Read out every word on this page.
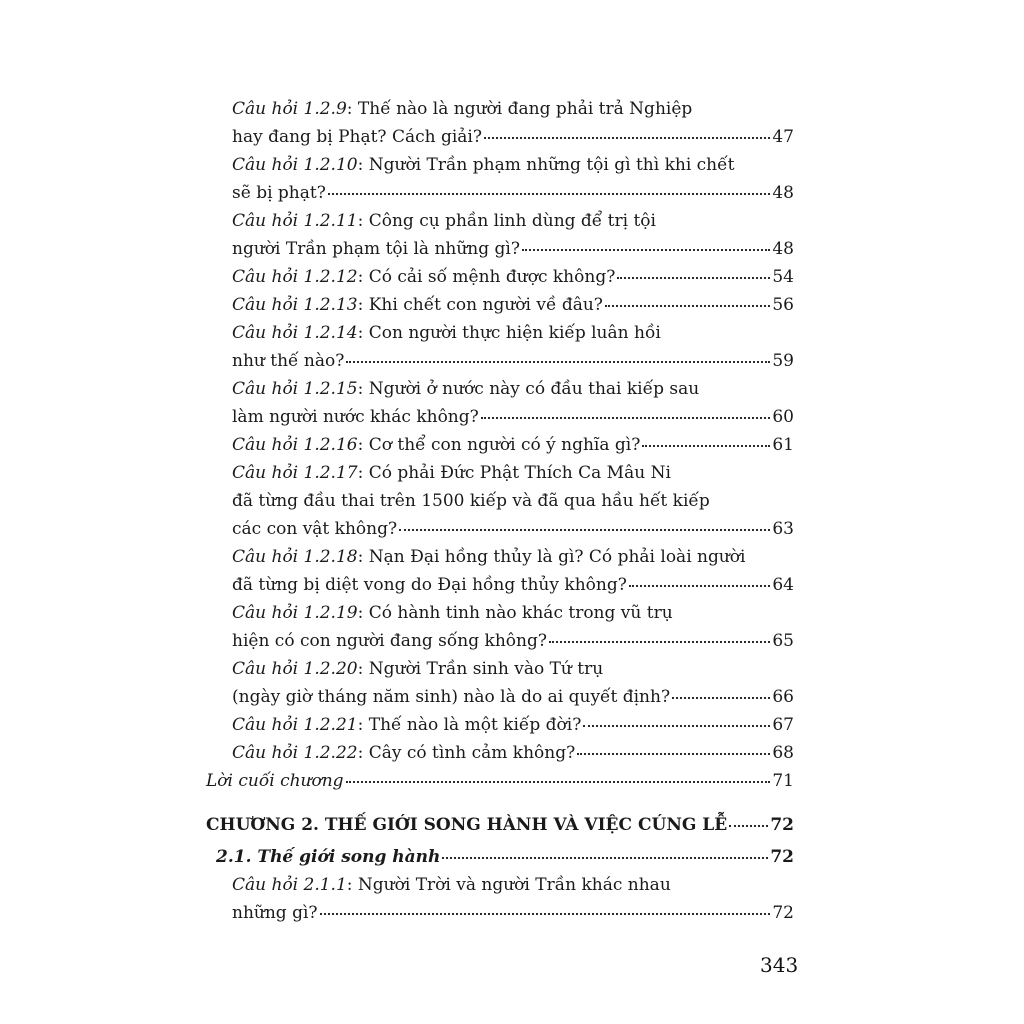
Câu hỏi 1.2.9: Thế nào là người đang phải trả Nghiệp
hay đang bị Phạt? Cách giải?	47
Câu hỏi 1.2.10: Người Trần phạm những tội gì thì khi chết
sẽ bị phạt?	48
Câu hỏi 1.2.11: Công cụ phần linh dùng để trị tội
người Trần phạm tội là những gì?	48
Câu hỏi 1.2.12: Có cải số mệnh được không?	54
Câu hỏi 1.2.13: Khi chết con người về đâu?	56
Câu hỏi 1.2.14: Con người thực hiện kiếp luân hồi
như thế nào?	59
Câu hỏi 1.2.15: Người ở nước này có đầu thai kiếp sau
làm người nước khác không?	60
Câu hỏi 1.2.16: Cơ thể con người có ý nghĩa gì?	61
Câu hỏi 1.2.17: Có phải Đức Phật Thích Ca Mâu Ni
đã từng đầu thai trên 1500 kiếp và đã qua hầu hết kiếp
các con vật không?	63
Câu hỏi 1.2.18: Nạn Đại hồng thủy là gì? Có phải loài người
đã từng bị diệt vong do Đại hồng thủy không?	64
Câu hỏi 1.2.19: Có hành tinh nào khác trong vũ trụ
hiện có con người đang sống không?	65
Câu hỏi 1.2.20: Người Trần sinh vào Tứ trụ
(ngày giờ tháng năm sinh) nào là do ai quyết định?	66
Câu hỏi 1.2.21: Thế nào là một kiếp đời?	67
Câu hỏi 1.2.22: Cây có tình cảm không?	68
Lời cuối chương	71
CHƯƠNG 2. THẾ GIỚI SONG HÀNH VÀ VIỆC CÚNG LỄ	72
2.1. Thế giới song hành	72
Câu hỏi 2.1.1: Người Trời và người Trần khác nhau
những gì?	72
343
